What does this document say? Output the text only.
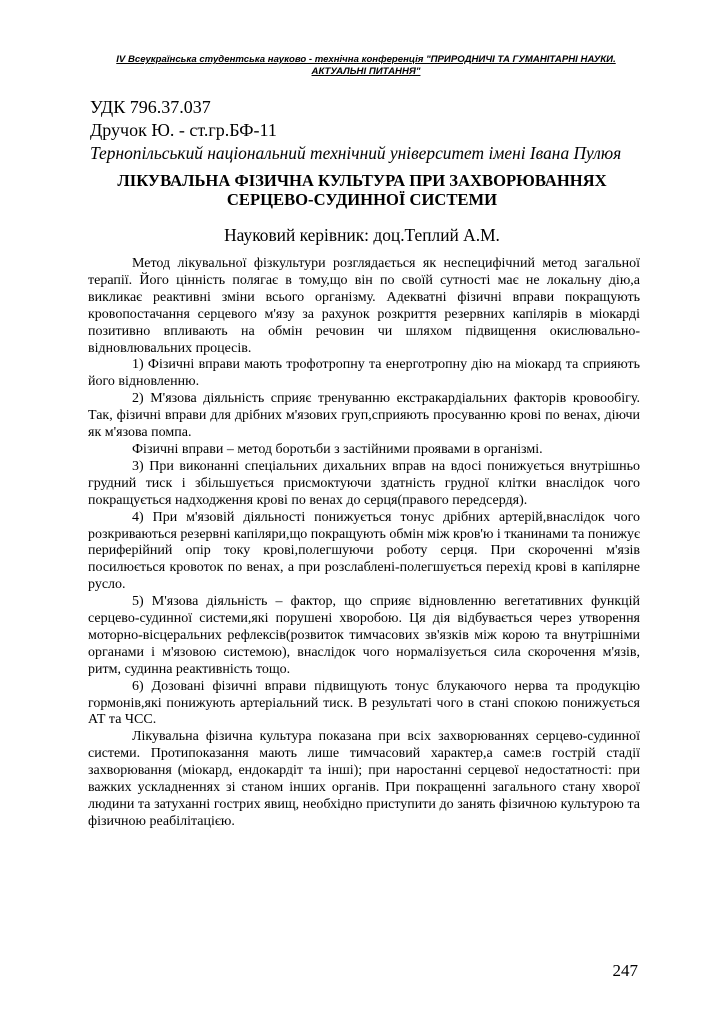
IV Всеукраїнська студентська науково - технічна конференція "ПРИРОДНИЧІ ТА ГУМАНІТАРНІ НАУКИ.
АКТУАЛЬНІ ПИТАННЯ"
УДК 796.37.037
Дручок Ю. - ст.гр.БФ-11
Тернопільський національний технічний університет імені Івана Пулюя
ЛІКУВАЛЬНА ФІЗИЧНА КУЛЬТУРА ПРИ ЗАХВОРЮВАННЯХ
СЕРЦЕВО-СУДИННОЇ СИСТЕМИ
Науковий керівник: доц.Теплий А.М.

Метод лікувальної фізкультури розглядається як неспецифічний метод загальної терапії. Його цінність полягає в тому,що він по своїй сутності має не локальну дію,а викликає реактивні зміни всього організму. Адекватні фізичні вправи покращують кровопостачання серцевого м'язу за рахунок розкриття резервних капілярів в міокарді позитивно впливають на обмін речовин чи шляхом підвищення окислювально-відновлювальних процесів.

1) Фізичні вправи мають трофотропну та енерготропну дію на міокард та сприяють його відновленню.

2) М'язова діяльність сприяє тренуванню екстракардіальних факторів кровообігу. Так, фізичні вправи для дрібних м'язових груп,сприяють просуванню крові по венах, діючи як м'язова помпа.

Фізичні вправи – метод боротьби з застійними проявами в організмі.

3) При виконанні спеціальних дихальних вправ на вдосі понижується внутрішньо грудний тиск і збільшується присмоктуючи здатність грудної клітки внаслідок чого покращується надходження крові по венах до серця(правого передсердя).

4) При м'язовій діяльності понижується тонус дрібних артерій,внаслідок чого розкриваються резервні капіляри,що покращують обмін між кров'ю і тканинами та понижує периферійний опір току крові,полегшуючи роботу серця. При скороченні м'язів посилюється кровоток по венах, а при розслаблені-полегшується перехід крові в капілярне русло.

5) М'язова діяльність – фактор, що сприяє відновленню вегетативних функцій серцево-судинної системи,які порушені хворобою. Ця дія відбувається через утворення моторно-вісцеральних рефлексів(розвиток тимчасових зв'язків між корою та внутрішніми органами і м'язовою системою), внаслідок чого нормалізується сила скорочення м'язів, ритм, судинна реактивність тощо.

6) Дозовані фізичні вправи підвищують тонус блукаючого нерва та продукцію гормонів,які понижують артеріальний тиск. В результаті чого в стані спокою понижується АТ та ЧСС.

Лікувальна фізична культура показана при всіх захворюваннях серцево-судинної системи. Протипоказання мають лише тимчасовий характер,а саме:в гострій стадії захворювання (міокард, ендокардіт та інші); при наростанні серцевої недостатності: при важких ускладненнях зі станом інших органів. При покращенні загального стану хворої людини та затуханні гострих явищ, необхідно приступити до занять фізичною культурою та фізичною реабілітацією.

247
